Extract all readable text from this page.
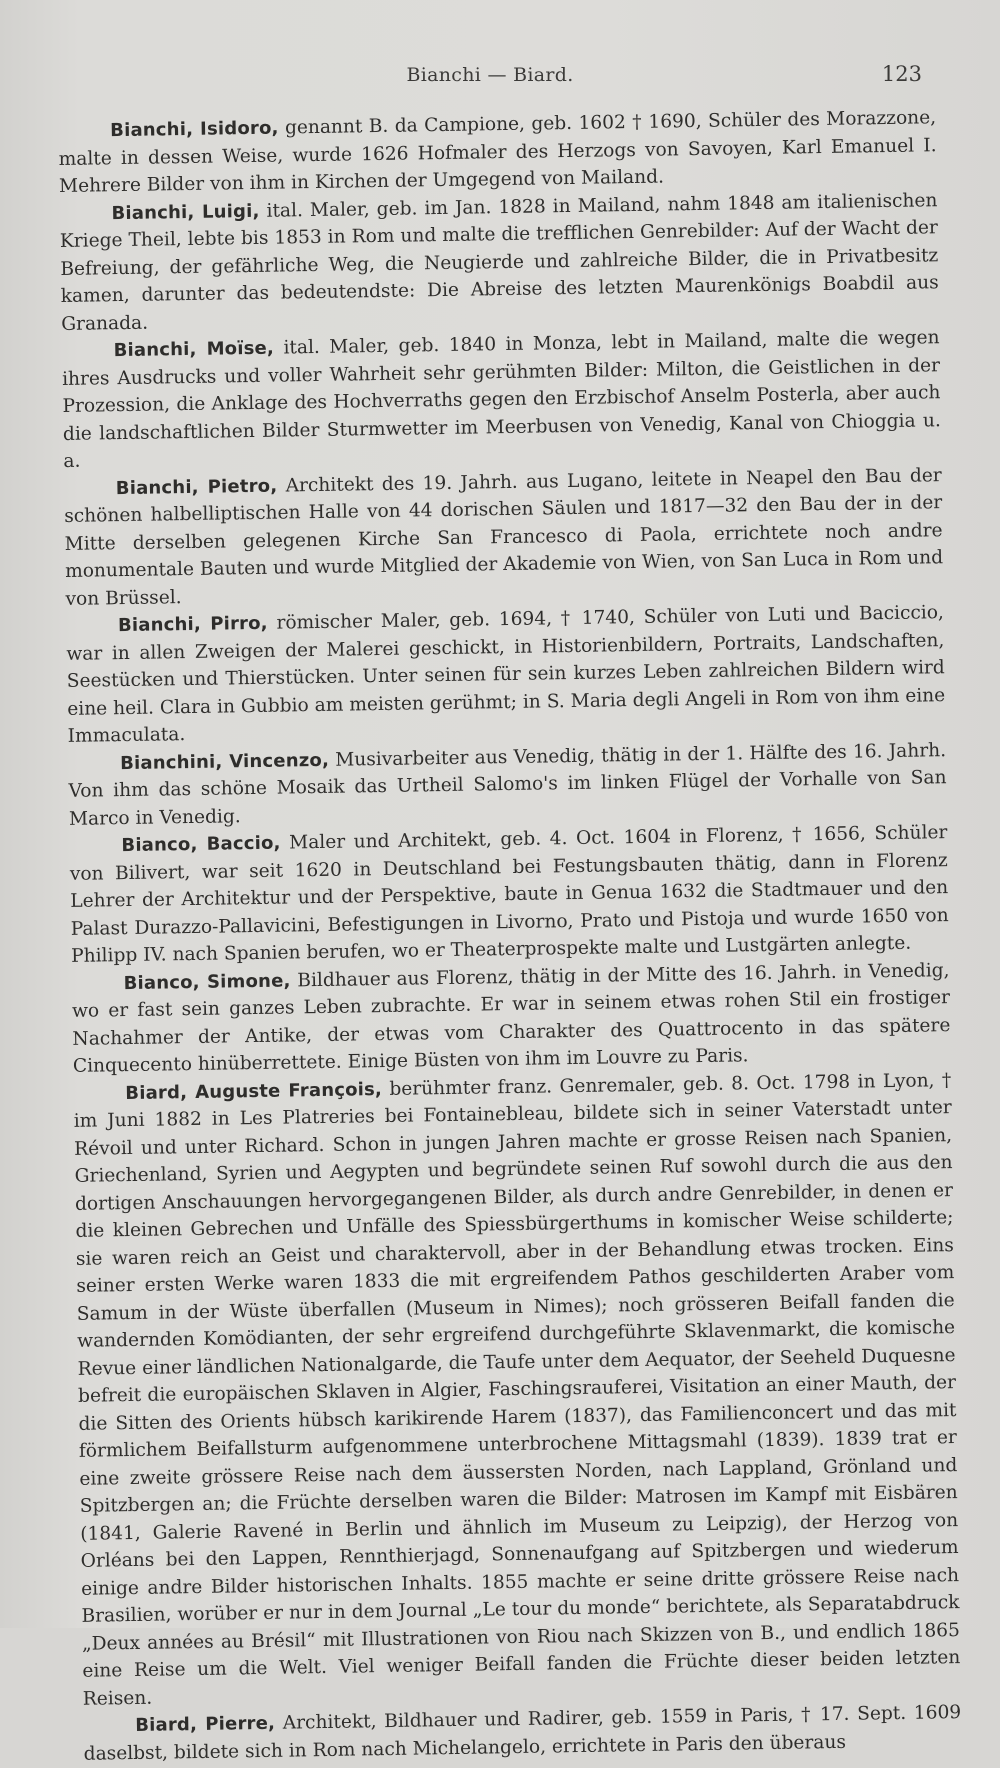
Bianchi — Biard.	123

Bianchi, Isidoro, genannt B. da Campione, geb. 1602 † 1690, Schüler des Morazzone, malte in dessen Weise, wurde 1626 Hofmaler des Herzogs von Savoyen, Karl Emanuel I. Mehrere Bilder von ihm in Kirchen der Umgegend von Mailand.

Bianchi, Luigi, ital. Maler, geb. im Jan. 1828 in Mailand, nahm 1848 am italienischen Kriege Theil, lebte bis 1853 in Rom und malte die trefflichen Genrebilder: Auf der Wacht der Befreiung, der gefährliche Weg, die Neugierde und zahlreiche Bilder, die in Privatbesitz kamen, darunter das bedeutendste: Die Abreise des letzten Maurenkönigs Boabdil aus Granada.

Bianchi, Moïse, ital. Maler, geb. 1840 in Monza, lebt in Mailand, malte die wegen ihres Ausdrucks und voller Wahrheit sehr gerühmten Bilder: Milton, die Geistlichen in der Prozession, die Anklage des Hochverraths gegen den Erzbischof Anselm Posterla, aber auch die landschaftlichen Bilder Sturmwetter im Meerbusen von Venedig, Kanal von Chioggia u. a.

Bianchi, Pietro, Architekt des 19. Jahrh. aus Lugano, leitete in Neapel den Bau der schönen halbelliptischen Halle von 44 dorischen Säulen und 1817—32 den Bau der in der Mitte derselben gelegenen Kirche San Francesco di Paola, errichtete noch andre monumentale Bauten und wurde Mitglied der Akademie von Wien, von San Luca in Rom und von Brüssel.

Bianchi, Pirro, römischer Maler, geb. 1694, † 1740, Schüler von Luti und Baciccio, war in allen Zweigen der Malerei geschickt, in Historienbildern, Portraits, Landschaften, Seestücken und Thierstücken. Unter seinen für sein kurzes Leben zahlreichen Bildern wird eine heil. Clara in Gubbio am meisten gerühmt; in S. Maria degli Angeli in Rom von ihm eine Immaculata.

Bianchini, Vincenzo, Musivarbeiter aus Venedig, thätig in der 1. Hälfte des 16. Jahrh. Von ihm das schöne Mosaik das Urtheil Salomo's im linken Flügel der Vorhalle von San Marco in Venedig.

Bianco, Baccio, Maler und Architekt, geb. 4. Oct. 1604 in Florenz, † 1656, Schüler von Bilivert, war seit 1620 in Deutschland bei Festungsbauten thätig, dann in Florenz Lehrer der Architektur und der Perspektive, baute in Genua 1632 die Stadtmauer und den Palast Durazzo-Pallavicini, Befestigungen in Livorno, Prato und Pistoja und wurde 1650 von Philipp IV. nach Spanien berufen, wo er Theaterprospekte malte und Lustgärten anlegte.

Bianco, Simone, Bildhauer aus Florenz, thätig in der Mitte des 16. Jahrh. in Venedig, wo er fast sein ganzes Leben zubrachte. Er war in seinem etwas rohen Stil ein frostiger Nachahmer der Antike, der etwas vom Charakter des Quattrocento in das spätere Cinquecento hinüberrettete. Einige Büsten von ihm im Louvre zu Paris.

Biard, Auguste François, berühmter franz. Genremaler, geb. 8. Oct. 1798 in Lyon, † im Juni 1882 in Les Platreries bei Fontainebleau, bildete sich in seiner Vaterstadt unter Révoil und unter Richard. Schon in jungen Jahren machte er grosse Reisen nach Spanien, Griechenland, Syrien und Aegypten und begründete seinen Ruf sowohl durch die aus den dortigen Anschauungen hervorgegangenen Bilder, als durch andre Genrebilder, in denen er die kleinen Gebrechen und Unfälle des Spiessbürgerthums in komischer Weise schilderte; sie waren reich an Geist und charaktervoll, aber in der Behandlung etwas trocken. Eins seiner ersten Werke waren 1833 die mit ergreifendem Pathos geschilderten Araber vom Samum in der Wüste überfallen (Museum in Nimes); noch grösseren Beifall fanden die wandernden Komödianten, der sehr ergreifend durchgeführte Sklavenmarkt, die komische Revue einer ländlichen Nationalgarde, die Taufe unter dem Aequator, der Seeheld Duquesne befreit die europäischen Sklaven in Algier, Faschingsrauferei, Visitation an einer Mauth, der die Sitten des Orients hübsch karikirende Harem (1837), das Familienconcert und das mit förmlichem Beifallsturm aufgenommene unterbrochene Mittagsmahl (1839). 1839 trat er eine zweite grössere Reise nach dem äussersten Norden, nach Lappland, Grönland und Spitzbergen an; die Früchte derselben waren die Bilder: Matrosen im Kampf mit Eisbären (1841, Galerie Ravené in Berlin und ähnlich im Museum zu Leipzig), der Herzog von Orléans bei den Lappen, Rennthierjagd, Sonnenaufgang auf Spitzbergen und wiederum einige andre Bilder historischen Inhalts. 1855 machte er seine dritte grössere Reise nach Brasilien, worüber er nur in dem Journal „Le tour du monde“ berichtete, als Separatabdruck „Deux années au Brésil“ mit Illustrationen von Riou nach Skizzen von B., und endlich 1865 eine Reise um die Welt. Viel weniger Beifall fanden die Früchte dieser beiden letzten Reisen.

Biard, Pierre, Architekt, Bildhauer und Radirer, geb. 1559 in Paris, † 17. Sept. 1609 daselbst, bildete sich in Rom nach Michelangelo, errichtete in Paris den überaus
